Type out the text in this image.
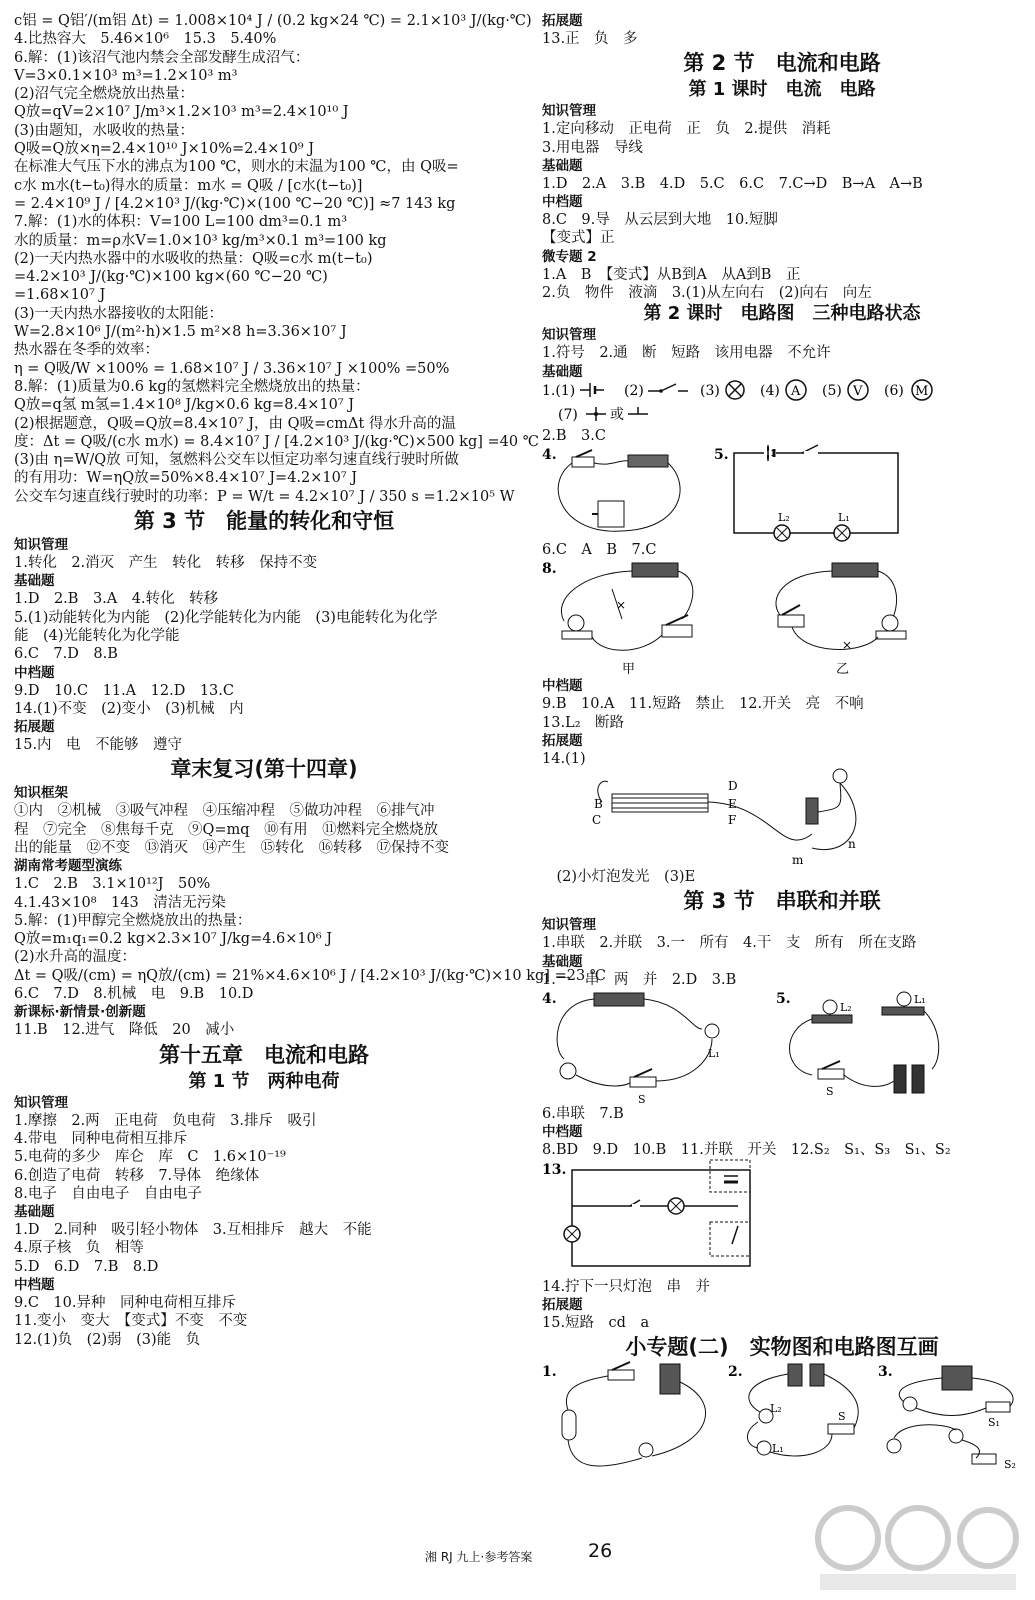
c铝 = Q铝′/(m铝 Δt) = 1.008×10⁴ J / (0.2 kg×24 ℃) = 2.1×10³ J/(kg·℃)
4.比热容大　5.46×10⁶　15.3　5.40%
6.解：(1)该沼气池内禁会全部发酵生成沼气：
V=3×0.1×10³ m³=1.2×10³ m³
(2)沼气完全燃烧放出热量：
Q放=qV=2×10⁷ J/m³×1.2×10³ m³=2.4×10¹⁰ J
(3)由题知，水吸收的热量：
Q吸=Q放×η=2.4×10¹⁰ J×10%=2.4×10⁹ J
在标准大气压下水的沸点为100 ℃，则水的末温为100 ℃，由 Q吸=
c水 m水(t−t₀)得水的质量：m水 = Q吸 / [c水(t−t₀)]
= 2.4×10⁹ J / [4.2×10³ J/(kg·℃)×(100 ℃−20 ℃)] ≈7 143 kg
7.解：(1)水的体积：V=100 L=100 dm³=0.1 m³
水的质量：m=ρ水V=1.0×10³ kg/m³×0.1 m³=100 kg
(2)一天内热水器中的水吸收的热量：Q吸=c水 m(t−t₀)
=4.2×10³ J/(kg·℃)×100 kg×(60 ℃−20 ℃)
=1.68×10⁷ J
(3)一天内热水器接收的太阳能：
W=2.8×10⁶ J/(m²·h)×1.5 m²×8 h=3.36×10⁷ J
热水器在冬季的效率：
η = Q吸/W ×100% = 1.68×10⁷ J / 3.36×10⁷ J ×100% =50%
8.解：(1)质量为0.6 kg的氢燃料完全燃烧放出的热量：
Q放=q氢 m氢=1.4×10⁸ J/kg×0.6 kg=8.4×10⁷ J
(2)根据题意，Q吸=Q放=8.4×10⁷ J，由 Q吸=cmΔt 得水升高的温
度：Δt = Q吸/(c水 m水) = 8.4×10⁷ J / [4.2×10³ J/(kg·℃)×500 kg] =40 ℃
(3)由 η=W/Q放 可知，氢燃料公交车以恒定功率匀速直线行驶时所做
的有用功：W=ηQ放=50%×8.4×10⁷ J=4.2×10⁷ J
公交车匀速直线行驶时的功率：P = W/t = 4.2×10⁷ J / 350 s =1.2×10⁵ W
第 3 节　能量的转化和守恒
知识管理
1.转化　2.消灭　产生　转化　转移　保持不变
基础题
1.D　2.B　3.A　4.转化　转移
5.(1)动能转化为内能　(2)化学能转化为内能　(3)电能转化为化学
能　(4)光能转化为化学能
6.C　7.D　8.B
中档题
9.D　10.C　11.A　12.D　13.C
14.(1)不变　(2)变小　(3)机械　内
拓展题
15.内　电　不能够　遵守
章末复习(第十四章)
知识框架
①内　②机械　③吸气冲程　④压缩冲程　⑤做功冲程　⑥排气冲
程　⑦完全　⑧焦每千克　⑨Q=mq　⑩有用　⑪燃料完全燃烧放
出的能量　⑫不变　⑬消灭　⑭产生　⑮转化　⑯转移　⑰保持不变
湖南常考题型演练
1.C　2.B　3.1×10¹²J　50%
4.1.43×10⁸　143　清洁无污染
5.解：(1)甲醇完全燃烧放出的热量：
Q放=m₁q₁=0.2 kg×2.3×10⁷ J/kg=4.6×10⁶ J
(2)水升高的温度：
Δt = Q吸/(cm) = ηQ放/(cm) = 21%×4.6×10⁶ J / [4.2×10³ J/(kg·℃)×10 kg] =23 ℃
6.C　7.D　8.机械　电　9.B　10.D
新课标·新情景·创新题
11.B　12.进气　降低　20　减小
第十五章　电流和电路
第 1 节　两种电荷
知识管理
1.摩擦　2.两　正电荷　负电荷　3.排斥　吸引
4.带电　同种电荷相互排斥
5.电荷的多少　库仑　库　C　1.6×10⁻¹⁹
6.创造了电荷　转移　7.导体　绝缘体
8.电子　自由电子　自由电子
基础题
1.D　2.同种　吸引轻小物体　3.互相排斥　越大　不能
4.原子核　负　相等
5.D　6.D　7.B　8.D
中档题
9.C　10.异种　同种电荷相互排斥
11.变小　变大　【变式】不变　不变
12.(1)负　(2)弱　(3)能　负
拓展题
13.正　负　多
第 2 节　电流和电路
第 1 课时　电流　电路
知识管理
1.定向移动　正电荷　正　负　2.提供　消耗
3.用电器　导线
基础题
1.D　2.A　3.B　4.D　5.C　6.C　7.C→D　B→A　A→B
中档题
8.C　9.导　从云层到大地　10.短脚
【变式】正
微专题 2
1.A　B　【变式】从B到A　从A到B　正
2.负　物件　液滴　3.(1)从左向右　(2)向右　向左
第 2 课时　电路图　三种电路状态
知识管理
1.符号　2.通　断　短路　该用电器　不允许
基础题
1.(1)	(2)	(3)	(4) A (5) V (6) M
(7) 或
2.B　3.C
4.	5.
L₂	L₁
6.C　A　B　7.C
8.
×
甲
×
乙
中档题
9.B　10.A　11.短路　禁止　12.开关　亮　不响
13.L₂　断路
拓展题
14.(1)
B
C
D
E
F
m
n
　(2)小灯泡发光　(3)E
第 3 节　串联和并联
知识管理
1.串联　2.并联　3.一　所有　4.干　支　所有　所在支路
基础题
1.一　串　两　并　2.D　3.B
4.
L₁
S
5.
L₂
L₁
S
6.串联　7.B
中档题
8.BD　9.D　10.B　11.并联　开关　12.S₂　S₁、S₃　S₁、S₂
13.
14.拧下一只灯泡　串　并
拓展题
15.短路　cd　a
小专题(二)　实物图和电路图互画
1.	2.
L₂
L₁
S
3.
S₁
S₂
湘 RJ 九上·参考答案	26
